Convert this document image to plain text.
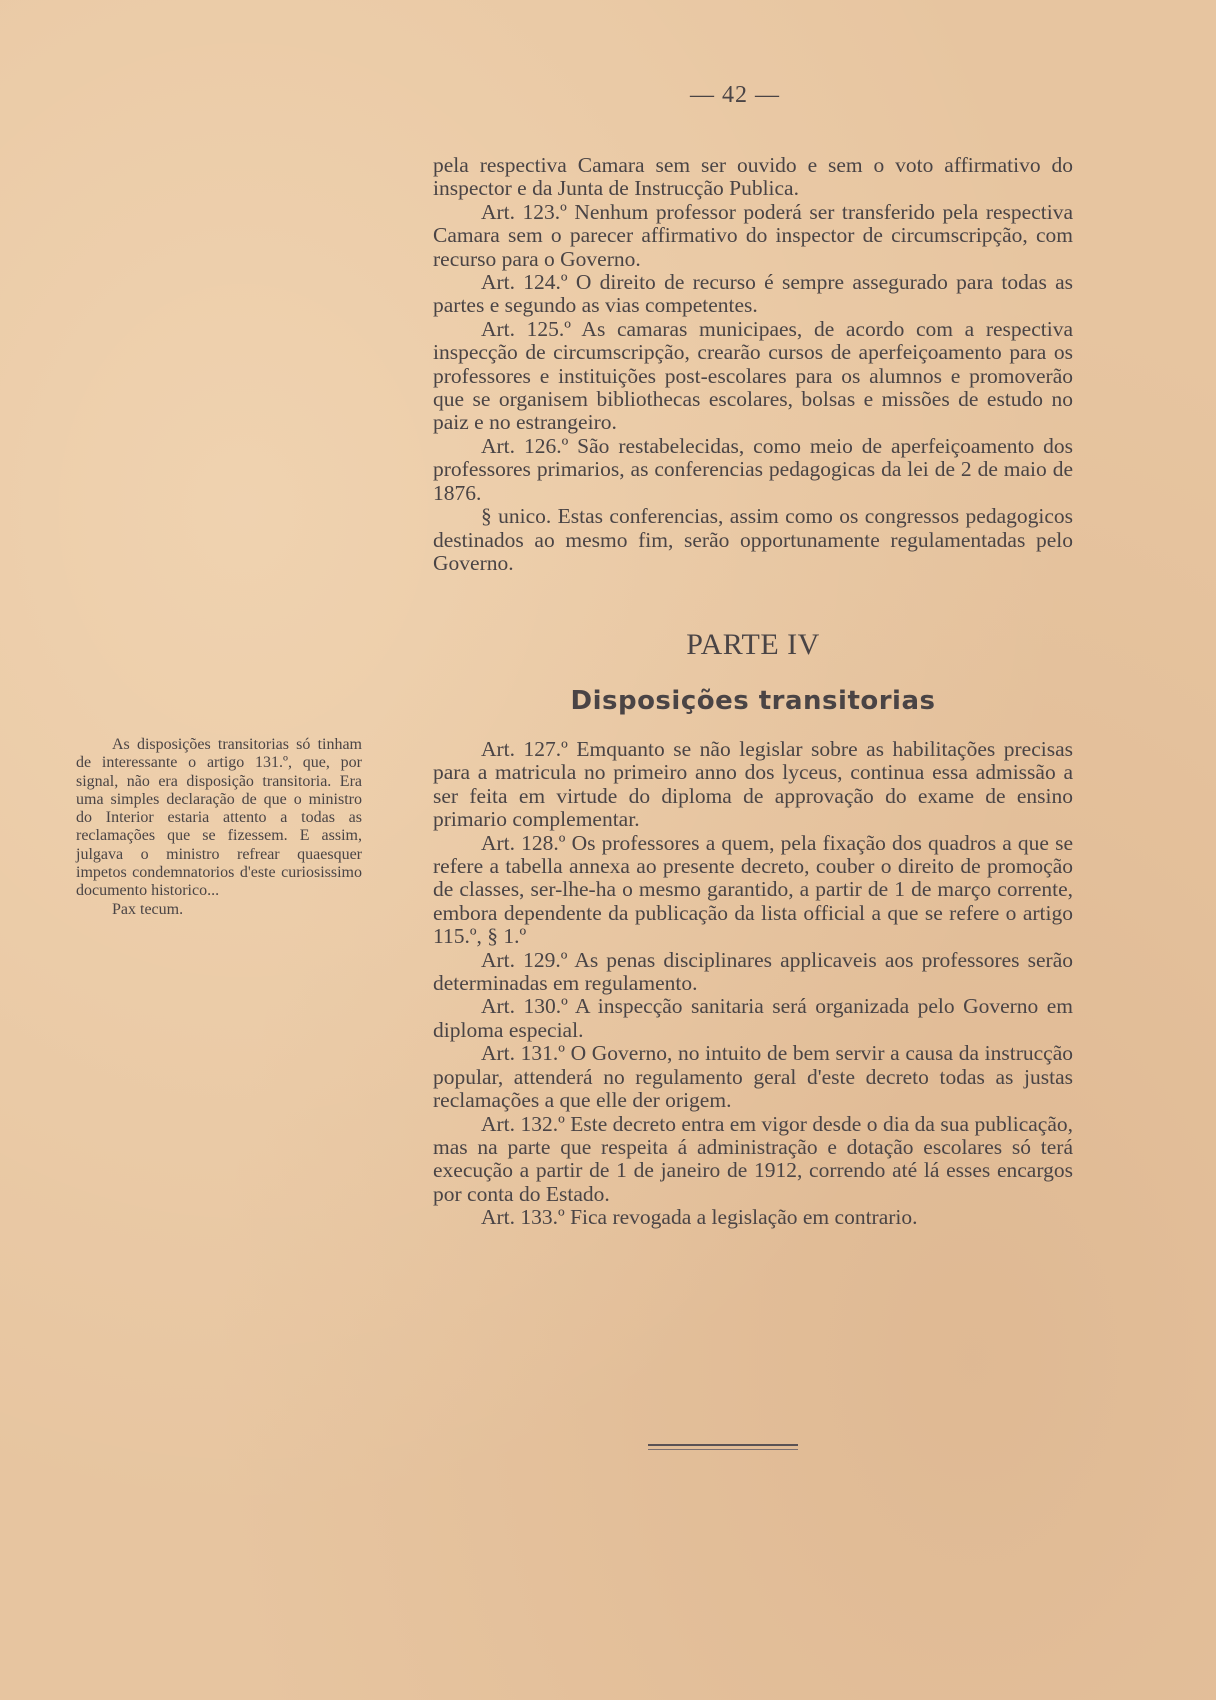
— 42 —

pela respectiva Camara sem ser ouvido e sem o voto affirmativo do inspector e da Junta de Instrucção Publica.

Art. 123.º Nenhum professor poderá ser transferido pela respectiva Camara sem o parecer affirmativo do inspector de circumscripção, com recurso para o Governo.

Art. 124.º O direito de recurso é sempre assegurado para todas as partes e segundo as vias competentes.

Art. 125.º As camaras municipaes, de acordo com a respectiva inspecção de circumscripção, crearão cursos de aperfeiçoamento para os professores e instituições post-escolares para os alumnos e promoverão que se organisem bibliothecas escolares, bolsas e missões de estudo no paiz e no estrangeiro.

Art. 126.º São restabelecidas, como meio de aperfeiçoamento dos professores primarios, as conferencias pedagogicas da lei de 2 de maio de 1876.

§ unico. Estas conferencias, assim como os congressos pedagogicos destinados ao mesmo fim, serão opportunamente regulamentadas pelo Governo.

PARTE IV
Disposições transitorias

Art. 127.º Emquanto se não legislar sobre as habilitações precisas para a matricula no primeiro anno dos lyceus, continua essa admissão a ser feita em virtude do diploma de approvação do exame de ensino primario complementar.

Art. 128.º Os professores a quem, pela fixação dos quadros a que se refere a tabella annexa ao presente decreto, couber o direito de promoção de classes, ser-lhe-ha o mesmo garantido, a partir de 1 de março corrente, embora dependente da publicação da lista official a que se refere o artigo 115.º, § 1.º

Art. 129.º As penas disciplinares applicaveis aos professores serão determinadas em regulamento.

Art. 130.º A inspecção sanitaria será organizada pelo Governo em diploma especial.

Art. 131.º O Governo, no intuito de bem servir a causa da instrucção popular, attenderá no regulamento geral d'este decreto todas as justas reclamações a que elle der origem.

Art. 132.º Este decreto entra em vigor desde o dia da sua publicação, mas na parte que respeita á administração e dotação escolares só terá execução a partir de 1 de janeiro de 1912, correndo até lá esses encargos por conta do Estado.

Art. 133.º Fica revogada a legislação em contrario.

As disposições transitorias só tinham de interessante o artigo 131.º, que, por signal, não era disposição transitoria. Era uma simples declaração de que o ministro do Interior estaria attento a todas as reclamações que se fizessem. E assim, julgava o ministro refrear quaesquer impetos condemnatorios d'este curiosissimo documento historico...

Pax tecum.
